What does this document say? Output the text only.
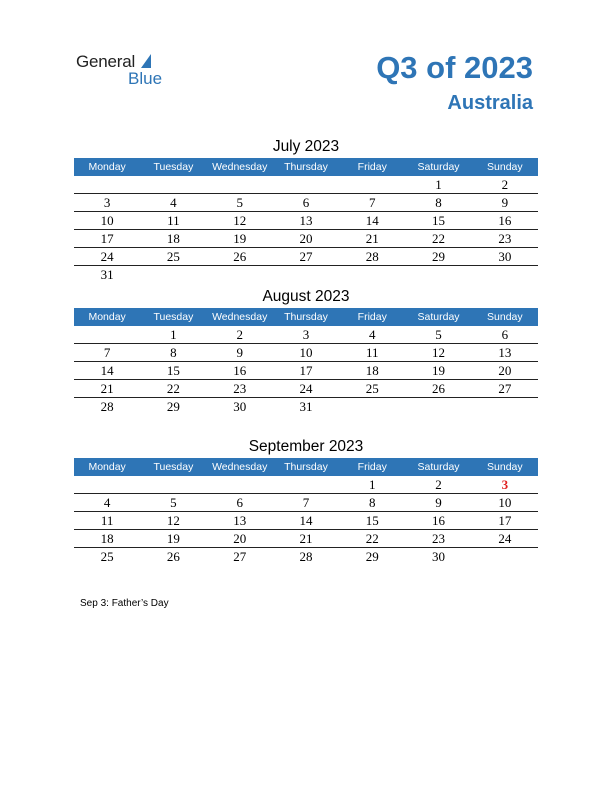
General
Blue	Q3 of 2023
Australia
July 2023
Monday	Tuesday	Wednesday	Thursday	Friday	Saturday	Sunday
					1	2
3	4	5	6	7	8	9
10	11	12	13	14	15	16
17	18	19	20	21	22	23
24	25	26	27	28	29	30
31						
August 2023
Monday	Tuesday	Wednesday	Thursday	Friday	Saturday	Sunday
	1	2	3	4	5	6
7	8	9	10	11	12	13
14	15	16	17	18	19	20
21	22	23	24	25	26	27
28	29	30	31			
September 2023
Monday	Tuesday	Wednesday	Thursday	Friday	Saturday	Sunday
				1	2	3
4	5	6	7	8	9	10
11	12	13	14	15	16	17
18	19	20	21	22	23	24
25	26	27	28	29	30	
Sep 3: Father’s Day
